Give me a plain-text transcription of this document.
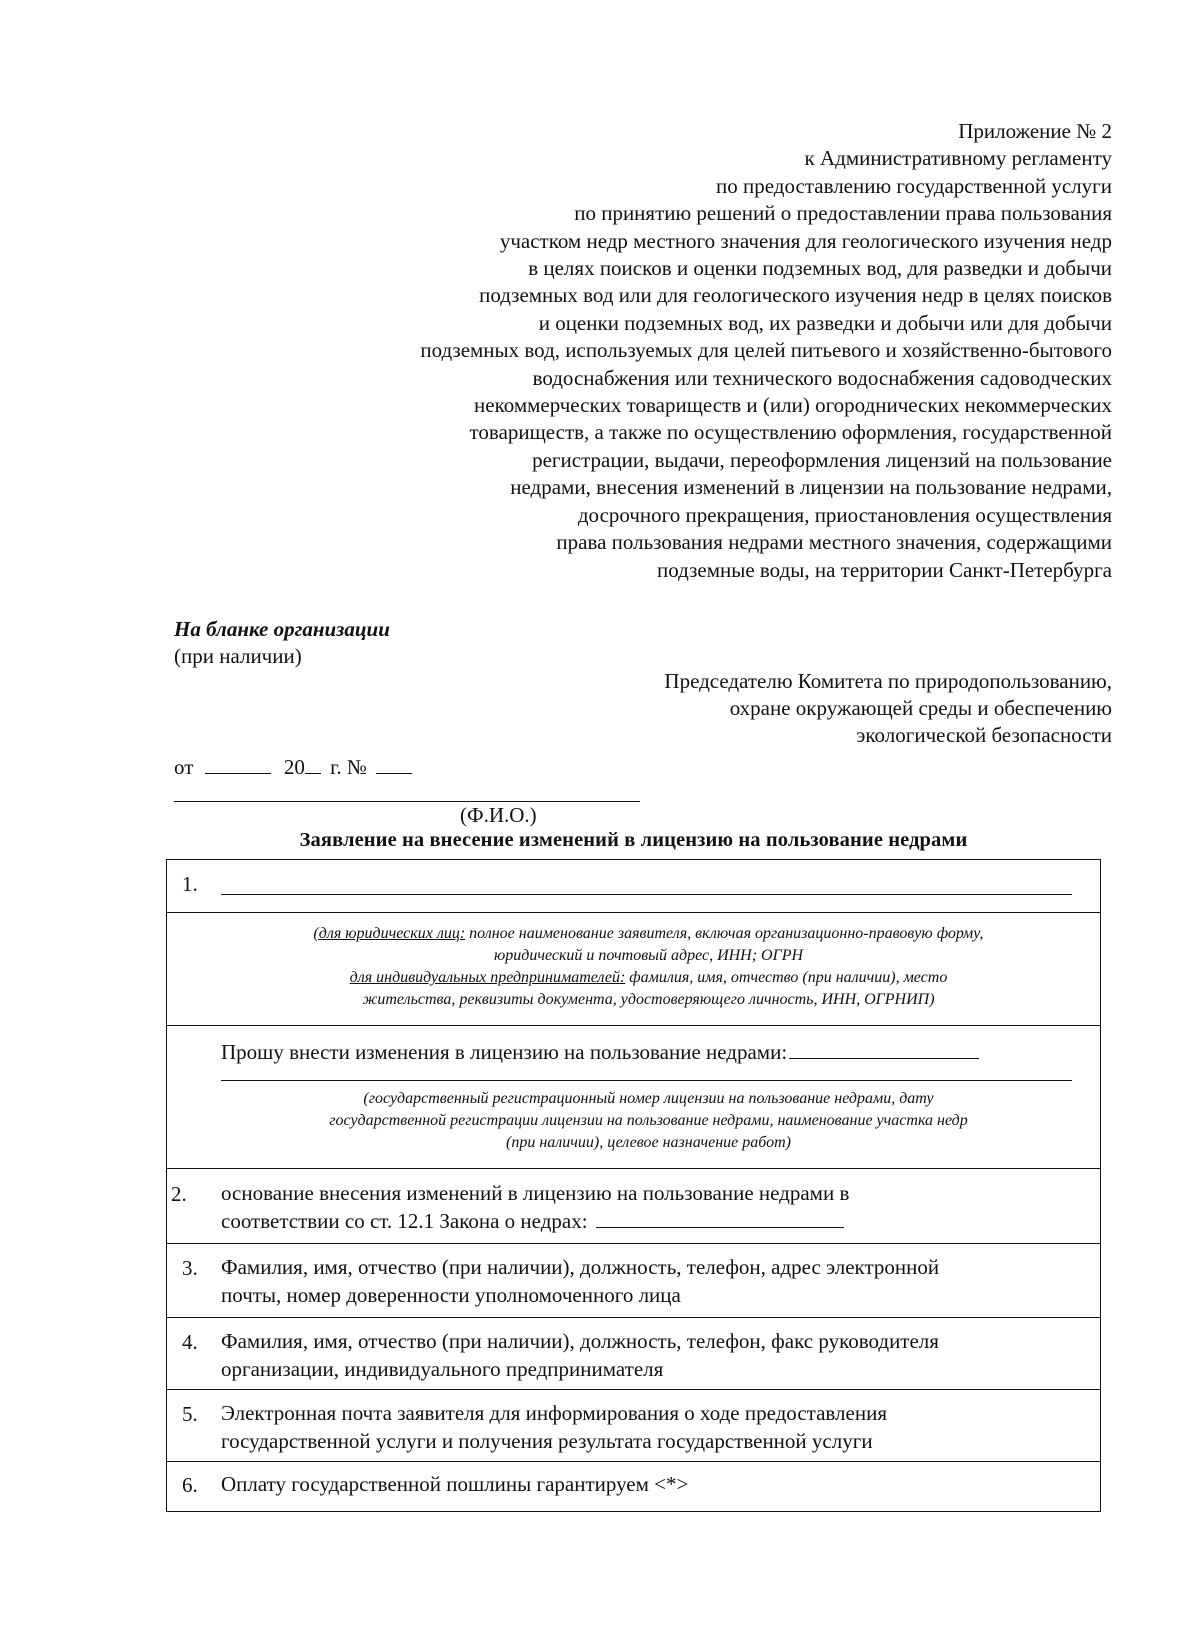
Приложение № 2
к Административному регламенту
по предоставлению государственной услуги
по принятию решений о предоставлении права пользования
участком недр местного значения для геологического изучения недр
в целях поисков и оценки подземных вод, для разведки и добычи
подземных вод или для геологического изучения недр в целях поисков
и оценки подземных вод, их разведки и добычи или для добычи
подземных вод, используемых для целей питьевого и хозяйственно-бытового
водоснабжения или технического водоснабжения садоводческих
некоммерческих товариществ и (или) огороднических некоммерческих
товариществ, а также по осуществлению оформления, государственной
регистрации, выдачи, переоформления лицензий на пользование
недрами, внесения изменений в лицензии на пользование недрами,
досрочного прекращения, приостановления осуществления
права пользования недрами местного значения, содержащими
подземные воды, на территории Санкт-Петербурга
На бланке организации
(при наличии)
Председателю Комитета по природопользованию,
охране окружающей среды и обеспечению
экологической безопасности
от	20 г. №
(Ф.И.О.)
Заявление на внесение изменений в лицензию на пользование недрами
1.
(для юридических лиц: полное наименование заявителя, включая организационно-правовую форму,
юридический и почтовый адрес, ИНН; ОГРН
для индивидуальных предпринимателей: фамилия, имя, отчество (при наличии), место
жительства, реквизиты документа, удостоверяющего личность, ИНН, ОГРНИП)
Прошу внести изменения в лицензию на пользование недрами:
(государственный регистрационный номер лицензии на пользование недрами, дату
государственной регистрации лицензии на пользование недрами, наименование участка недр
(при наличии), целевое назначение работ)
2. основание внесения изменений в лицензию на пользование недрами в
соответствии со ст. 12.1 Закона о недрах:
3. Фамилия, имя, отчество (при наличии), должность, телефон, адрес электронной
почты, номер доверенности уполномоченного лица
4. Фамилия, имя, отчество (при наличии), должность, телефон, факс руководителя
организации, индивидуального предпринимателя
5. Электронная почта заявителя для информирования о ходе предоставления
государственной услуги и получения результата государственной услуги
6. Оплату государственной пошлины гарантируем <*>
